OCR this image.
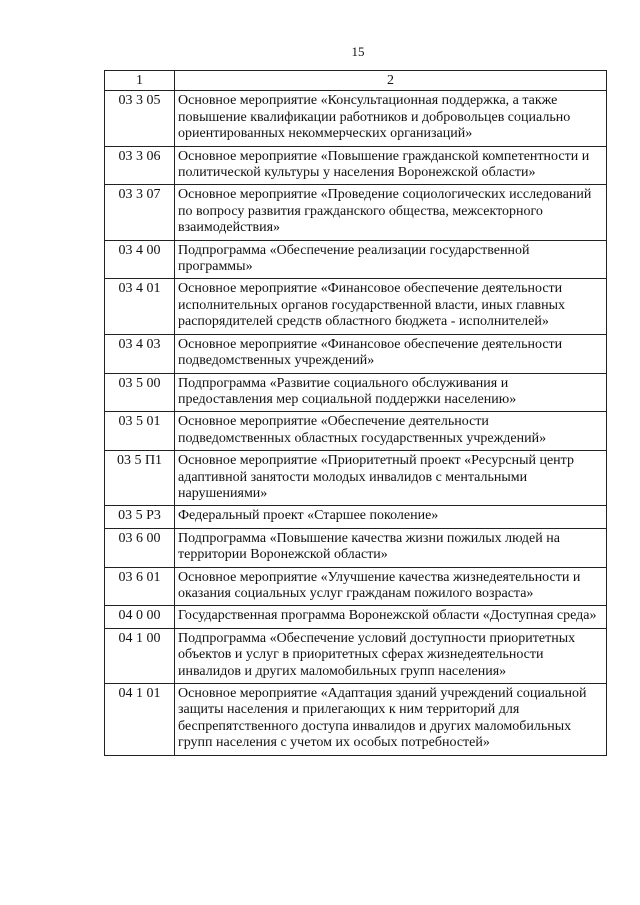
15
1	2
03 3 05	Основное мероприятие «Консультационная поддержка, а также повышение квалификации работников и добровольцев социально ориентированных некоммерческих организаций»
03 3 06	Основное мероприятие «Повышение гражданской компетентности и политической культуры у населения Воронежской области»
03 3 07	Основное мероприятие «Проведение социологических исследований по вопросу развития гражданского общества, межсекторного взаимодействия»
03 4 00	Подпрограмма «Обеспечение реализации государственной программы»
03 4 01	Основное мероприятие «Финансовое обеспечение деятельности исполнительных органов государственной власти, иных главных распорядителей средств областного бюджета - исполнителей»
03 4 03	Основное мероприятие «Финансовое обеспечение деятельности подведомственных учреждений»
03 5 00	Подпрограмма «Развитие социального обслуживания и предоставления мер социальной поддержки населению»
03 5 01	Основное мероприятие «Обеспечение деятельности подведомственных областных государственных учреждений»
03 5 П1	Основное мероприятие «Приоритетный проект «Ресурсный центр адаптивной занятости молодых инвалидов с ментальными нарушениями»
03 5 Р3	Федеральный проект «Старшее поколение»
03 6 00	Подпрограмма «Повышение качества жизни пожилых людей на территории Воронежской области»
03 6 01	Основное мероприятие «Улучшение качества жизнедеятельности и оказания социальных услуг гражданам пожилого возраста»
04 0 00	Государственная программа Воронежской области «Доступная среда»
04 1 00	Подпрограмма «Обеспечение условий доступности приоритетных объектов и услуг в приоритетных сферах жизнедеятельности инвалидов и других маломобильных групп населения»
04 1 01	Основное мероприятие «Адаптация зданий учреждений социальной защиты населения и прилегающих к ним территорий для беспрепятственного доступа инвалидов и других маломобильных групп населения с учетом их особых потребностей»
